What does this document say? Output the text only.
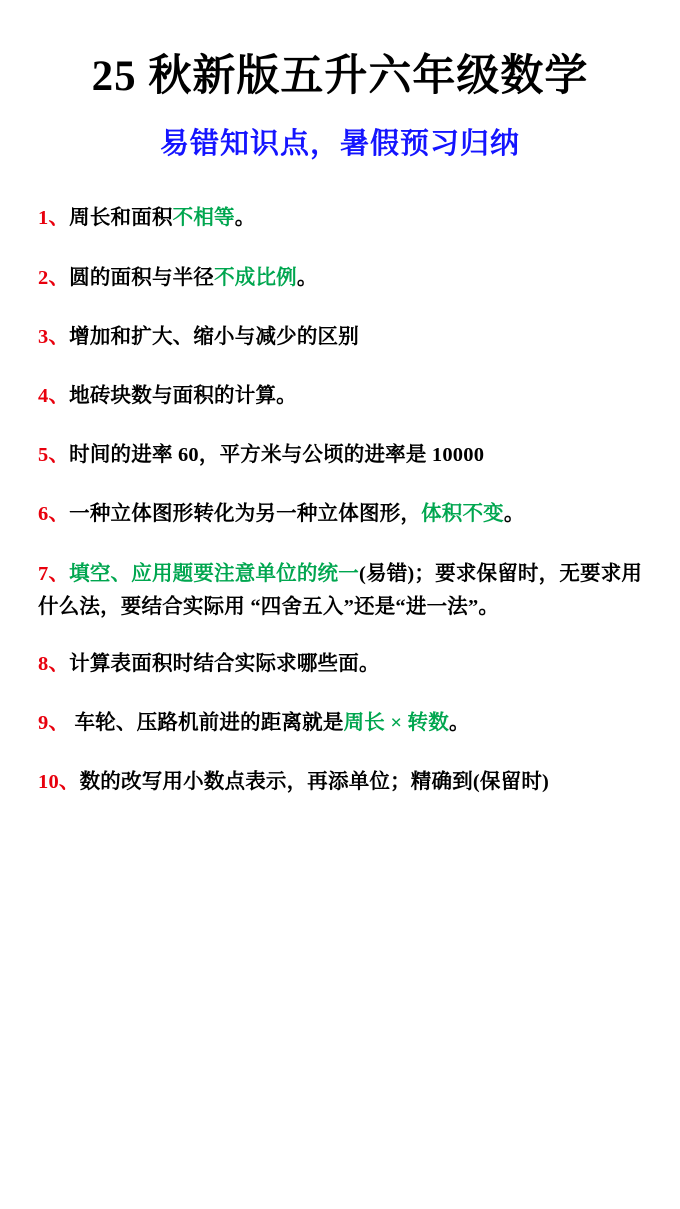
25 秋新版五升六年级数学
易错知识点，暑假预习归纳
1、周长和面积不相等。
2、圆的面积与半径不成比例。
3、增加和扩大、缩小与减少的区别
4、地砖块数与面积的计算。
5、时间的进率 60，平方米与公顷的进率是 10000
6、一种立体图形转化为另一种立体图形，体积不变。
7、填空、应用题要注意单位的统一(易错)；要求保留时，无要求用什么法，要结合实际用 “四舍五入”还是“进一法”。
8、计算表面积时结合实际求哪些面。
9、 车轮、压路机前进的距离就是周长 × 转数。
10、数的改写用小数点表示，再添单位；精确到(保留时)
